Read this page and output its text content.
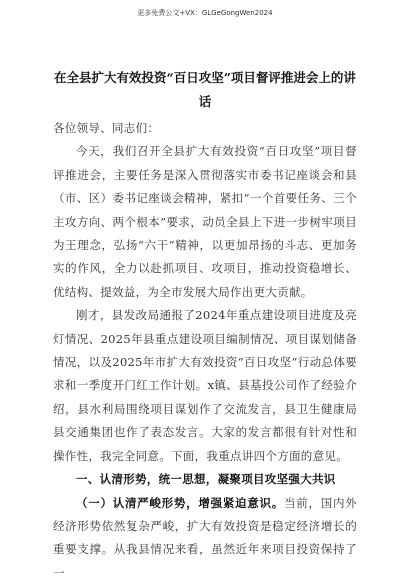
更多免费公文+VX：GLGeGongWen2024
在全县扩大有效投资“百日攻坚”项目督评推进会上的讲话

各位领导、同志们：

今天，我们召开全县扩大有效投资“百日攻坚”项目督评推进会，主要任务是深入贯彻落实市委书记座谈会和县（市、区）委书记座谈会精神，紧扣“一个首要任务、三个主攻方向、两个根本”要求，动员全县上下进一步树牢项目为王理念，弘扬“六干”精神，以更加昂扬的斗志、更加务实的作风，全力以赴抓项目、攻项目，推动投资稳增长、优结构、提效益，为全市发展大局作出更大贡献。

刚才，县发改局通报了2024年重点建设项目进度及亮灯情况、2025年县重点建设项目编制情况、项目谋划储备情况，以及2025年市扩大有效投资“百日攻坚”行动总体要求和一季度开门红工作计划。x镇、县基投公司作了经验介绍，县水利局围绕项目谋划作了交流发言，县卫生健康局县交通集团也作了表态发言。大家的发言都很有针对性和操作性，我完全同意。下面，我重点讲四个方面的意见。

一、认清形势，统一思想，凝聚项目攻坚强大共识

（一）认清严峻形势，增强紧迫意识。当前，国内外经济形势依然复杂严峻，扩大有效投资是稳定经济增长的重要支撑。从我县情况来看，虽然近年来项目投资保持了一
